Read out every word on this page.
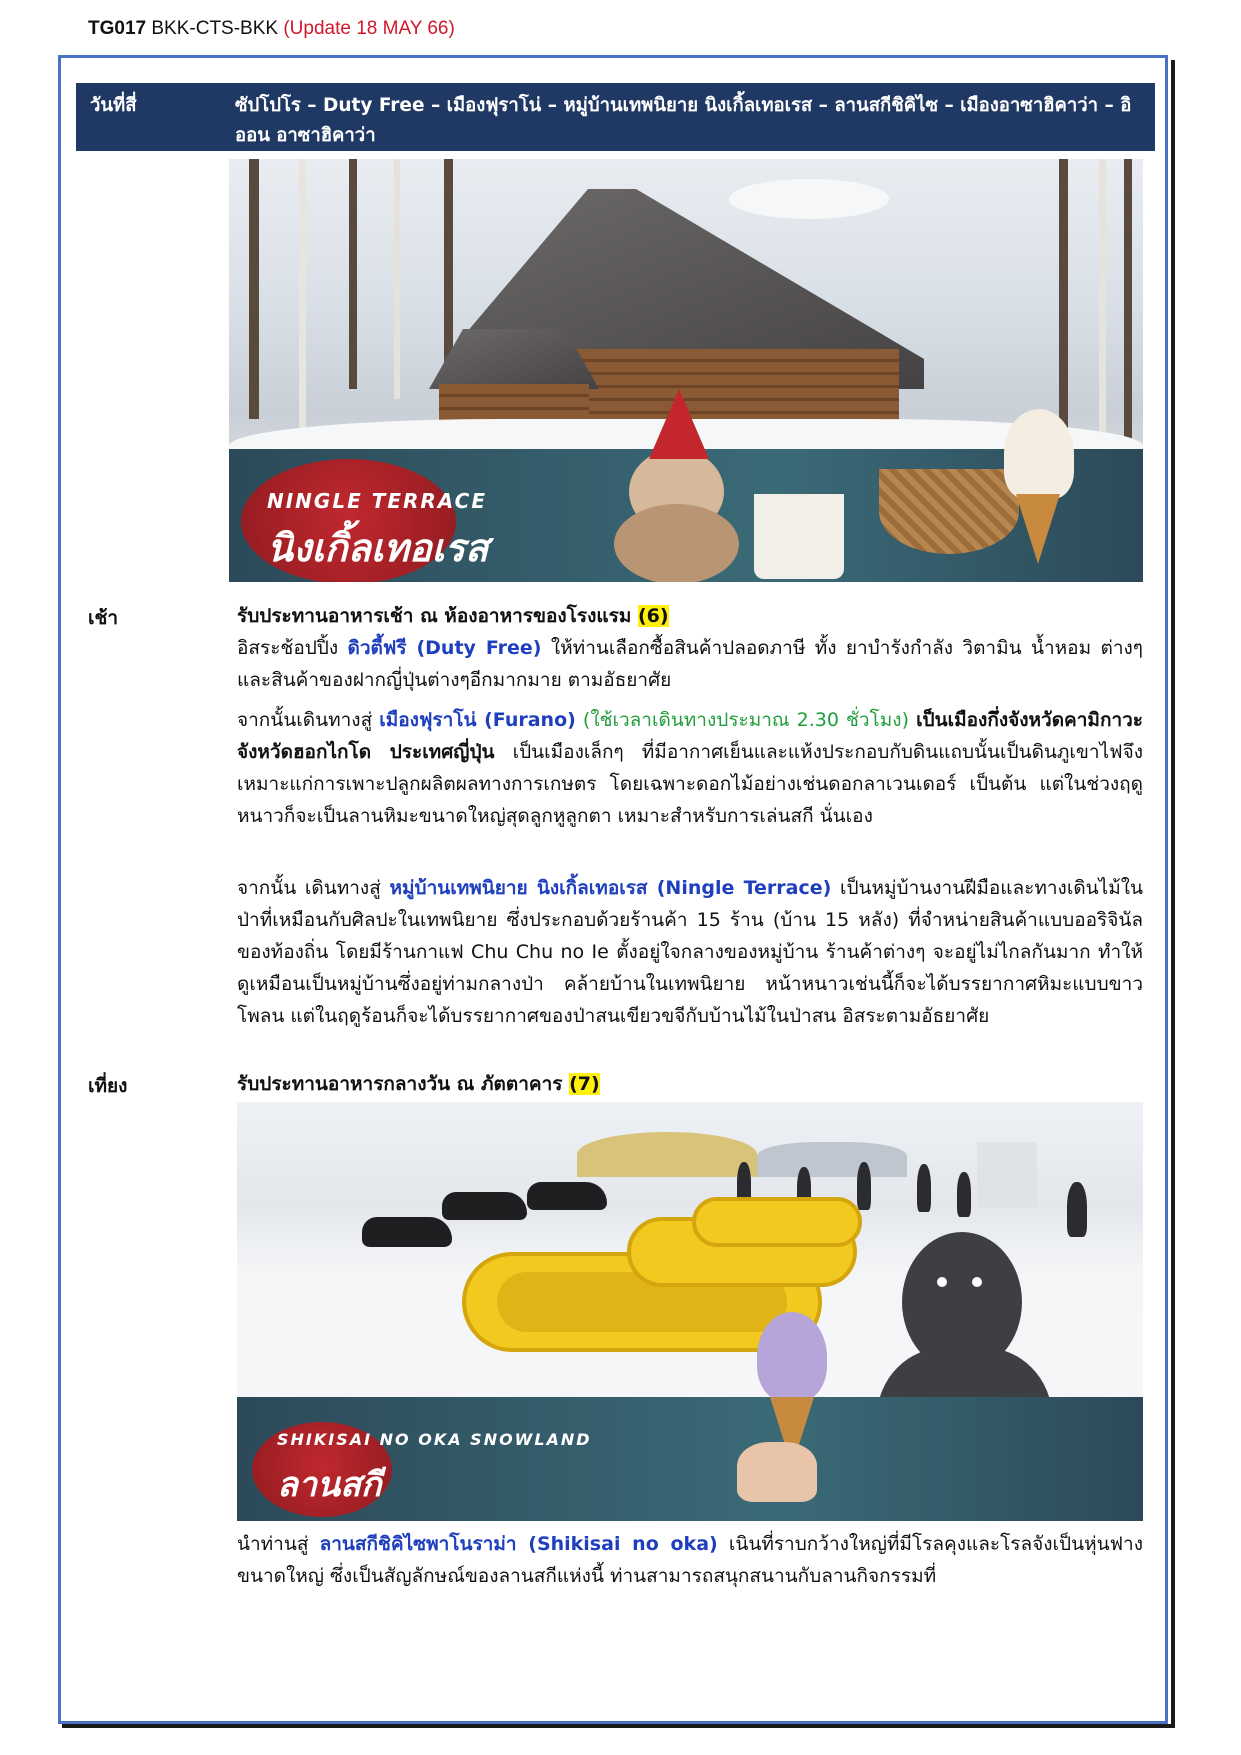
TG017 BKK-CTS-BKK (Update 18 MAY 66)
วันที่สี่	ซัปโปโร – Duty Free – เมืองฟุราโน่ – หมู่บ้านเทพนิยาย นิงเกิ้ลเทอเรส – ลานสกีชิคิไซ – เมืองอาซาฮิคาว่า – อิออน อาซาฮิคาว่า
NINGLE TERRACE
นิงเกิ้ลเทอเรส
เช้า	รับประทานอาหารเช้า ณ ห้องอาหารของโรงแรม (6)
อิสระช้อปปิ้ง ดิวตี้ฟรี (Duty Free) ให้ท่านเลือกซื้อสินค้าปลอดภาษี ทั้ง ยาบำรังกำลัง วิตามิน น้ำหอม ต่างๆ และสินค้าของฝากญี่ปุ่นต่างๆอีกมากมาย ตามอัธยาศัย
จากนั้นเดินทางสู่ เมืองฟุราโน่ (Furano) (ใช้เวลาเดินทางประมาณ 2.30 ชั่วโมง) เป็นเมืองกึ่งจังหวัดคามิกาวะ จังหวัดฮอกไกโด ประเทศญี่ปุ่น เป็นเมืองเล็กๆ ที่มีอากาศเย็นและแห้งประกอบกับดินแถบนั้นเป็นดินภูเขาไฟจึงเหมาะแก่การเพาะปลูกผลิตผลทางการเกษตร โดยเฉพาะดอกไม้อย่างเช่นดอกลาเวนเดอร์ เป็นต้น แต่ในช่วงฤดูหนาวก็จะเป็นลานหิมะขนาดใหญ่สุดลูกหูลูกตา เหมาะสำหรับการเล่นสกี นั่นเอง
จากนั้น เดินทางสู่ หมู่บ้านเทพนิยาย นิงเกิ้ลเทอเรส (Ningle Terrace) เป็นหมู่บ้านงานฝีมือและทางเดินไม้ในป่าที่เหมือนกับศิลปะในเทพนิยาย ซึ่งประกอบด้วยร้านค้า 15 ร้าน (บ้าน 15 หลัง) ที่จำหน่ายสินค้าแบบออริจินัลของท้องถิ่น โดยมีร้านกาแฟ Chu Chu no Ie ตั้งอยู่ใจกลางของหมู่บ้าน ร้านค้าต่างๆ จะอยู่ไม่ไกลกันมาก ทำให้ดูเหมือนเป็นหมู่บ้านซึ่งอยู่ท่ามกลางป่า คล้ายบ้านในเทพนิยาย หน้าหนาวเช่นนี้ก็จะได้บรรยากาศหิมะแบบขาวโพลน แต่ในฤดูร้อนก็จะได้บรรยากาศของป่าสนเขียวขจีกับบ้านไม้ในป่าสน อิสระตามอัธยาศัย
เที่ยง	รับประทานอาหารกลางวัน ณ ภัตตาคาร (7)
SHIKISAI NO OKA SNOWLAND
ลานสกี
นำท่านสู่ ลานสกีชิคิไซพาโนราม่า (Shikisai no oka) เนินที่ราบกว้างใหญ่ที่มีโรลคุงและโรลจังเป็นหุ่นฟางขนาดใหญ่ ซึ่งเป็นสัญลักษณ์ของลานสกีแห่งนี้ ท่านสามารถสนุกสนานกับลานกิจกรรมที่
